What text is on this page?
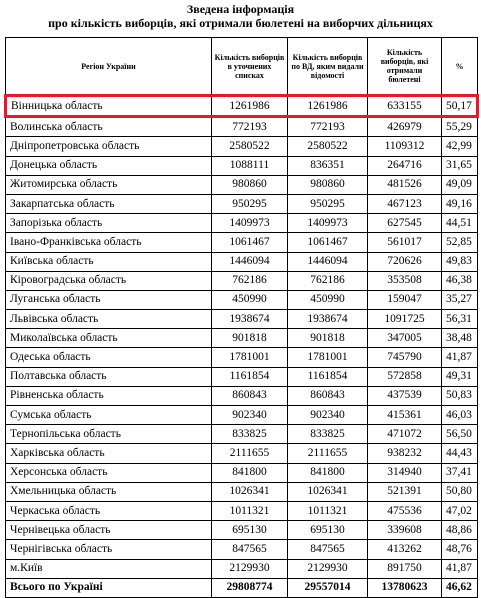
Зведена інформація
про кількість виборців, які отримали бюлетені на виборчих дільницях
Регіон України	Кількість виборців в уточнених списках	Кількість виборців по ВД, яким видали відомості	Кількість виборців, які отримали бюлетені	%
Вінницька область	1261986	1261986	633155	50,17
Волинська область	772193	772193	426979	55,29
Дніпропетровська область	2580522	2580522	1109312	42,99
Донецька область	1088111	836351	264716	31,65
Житомирська область	980860	980860	481526	49,09
Закарпатська область	950295	950295	467123	49,16
Запорізька область	1409973	1409973	627545	44,51
Івано-Франківська область	1061467	1061467	561017	52,85
Київська область	1446094	1446094	720626	49,83
Кіровоградська область	762186	762186	353508	46,38
Луганська область	450990	450990	159047	35,27
Львівська область	1938674	1938674	1091725	56,31
Миколаївська область	901818	901818	347005	38,48
Одеська область	1781001	1781001	745790	41,87
Полтавська область	1161854	1161854	572858	49,31
Рівненська область	860843	860843	437539	50,83
Сумська область	902340	902340	415361	46,03
Тернопільська область	833825	833825	471072	56,50
Харківська область	2111655	2111655	938232	44,43
Херсонська область	841800	841800	314940	37,41
Хмельницька область	1026341	1026341	521391	50,80
Черкаська область	1011321	1011321	475536	47,02
Чернівецька область	695130	695130	339608	48,86
Чернігівська область	847565	847565	413262	48,76
м.Київ	2129930	2129930	891750	41,87
Всього по Україні	29808774	29557014	13780623	46,62
